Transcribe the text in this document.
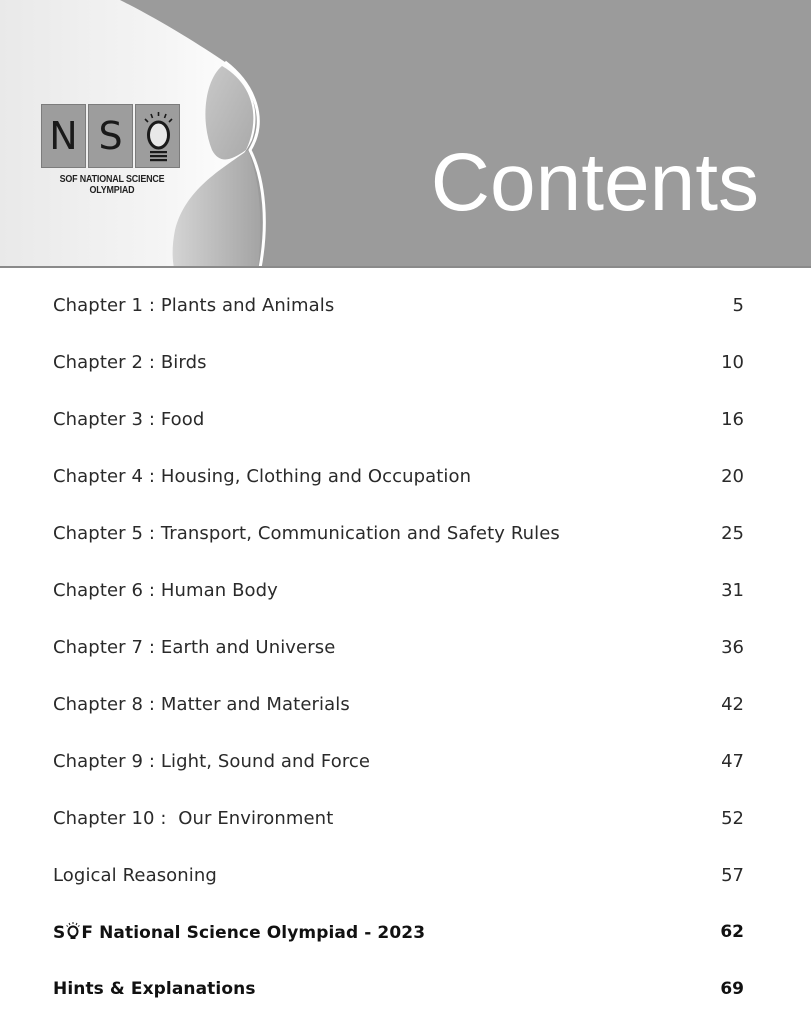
N S
SOF NATIONAL SCIENCE
OLYMPIAD	Contents
Chapter 1 : Plants and Animals	5
Chapter 2 : Birds	10
Chapter 3 : Food	16
Chapter 4 : Housing, Clothing and Occupation	20
Chapter 5 : Transport, Communication and Safety Rules	25
Chapter 6 : Human Body	31
Chapter 7 : Earth and Universe	36
Chapter 8 : Matter and Materials	42
Chapter 9 : Light, Sound and Force	47
Chapter 10 :  Our Environment	52
Logical Reasoning	57
S F National Science Olympiad - 2023	62
Hints & Explanations	69
